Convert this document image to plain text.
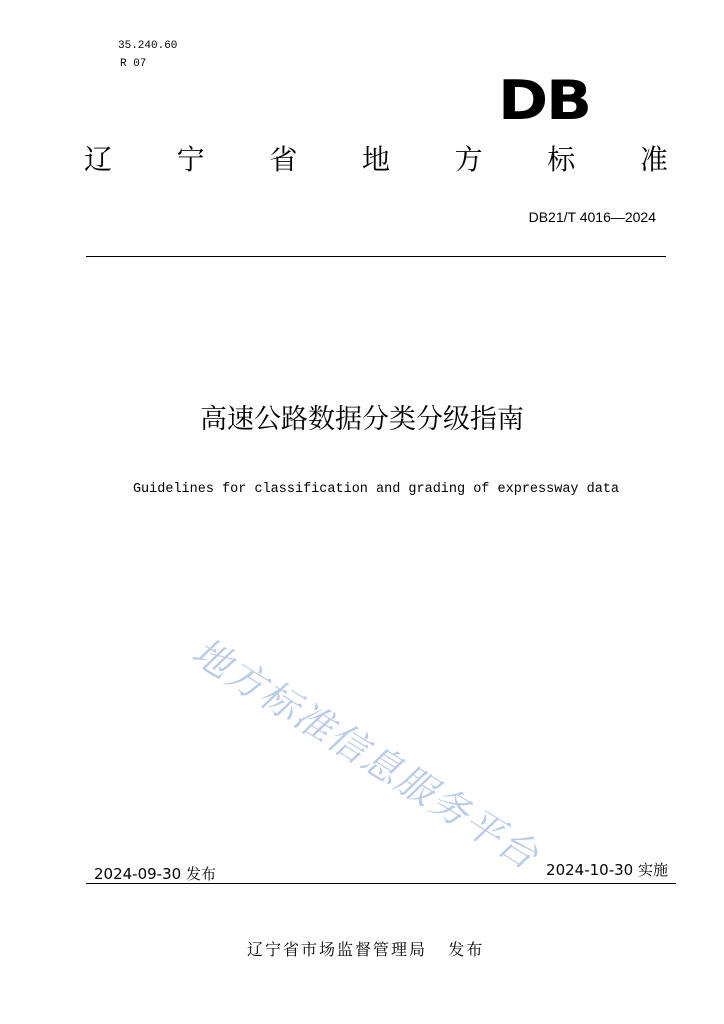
35.240.60
R 07
DB
辽 宁 省 地 方 标 准
DB21/T 4016—2024
高速公路数据分类分级指南
Guidelines for classification and grading of expressway data
地方标准信息服务平台
2024-09-30 发布	2024-10-30 实施
辽宁省市场监督管理局   发布
